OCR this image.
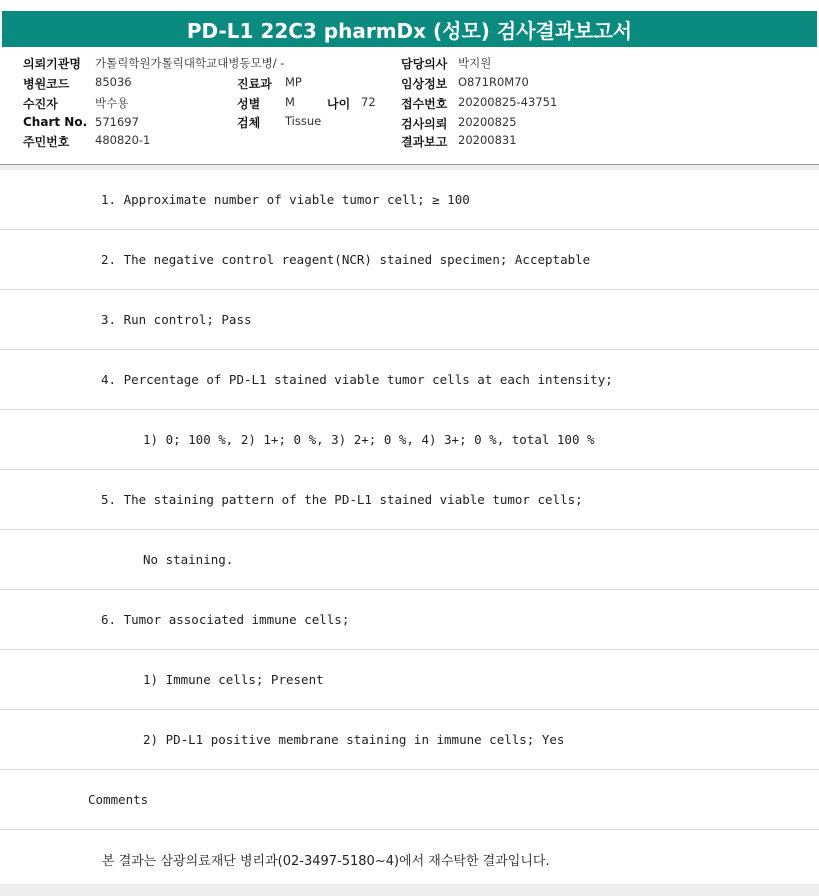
PD-L1 22C3 pharmDx (성모) 검사결과보고서
의뢰기관명 가톨릭학원가톨릭대학교대병동모병/ -
병원코드 85036
수진자	박수용
Chart No. 571697
주민번호 480820-1
진료과 MP
성별 M	나이 72
검체 Tissue
담당의사 박지원
임상정보 O871R0M70
접수번호 20200825-43751
검사의뢰 20200825
결과보고 20200831
1. Approximate number of viable tumor cell; ≥ 100
2. The negative control reagent(NCR) stained specimen; Acceptable
3. Run control; Pass
4. Percentage of PD-L1 stained viable tumor cells at each intensity;
1) 0; 100 %, 2) 1+; 0 %, 3) 2+; 0 %, 4) 3+; 0 %, total 100 %
5. The staining pattern of the PD-L1 stained viable tumor cells;
No staining.
6. Tumor associated immune cells;
1) Immune cells; Present
2) PD-L1 positive membrane staining in immune cells; Yes
Comments
본 결과는 삼광의료재단 병리과(02-3497-5180~4)에서 재수탁한 결과입니다.
